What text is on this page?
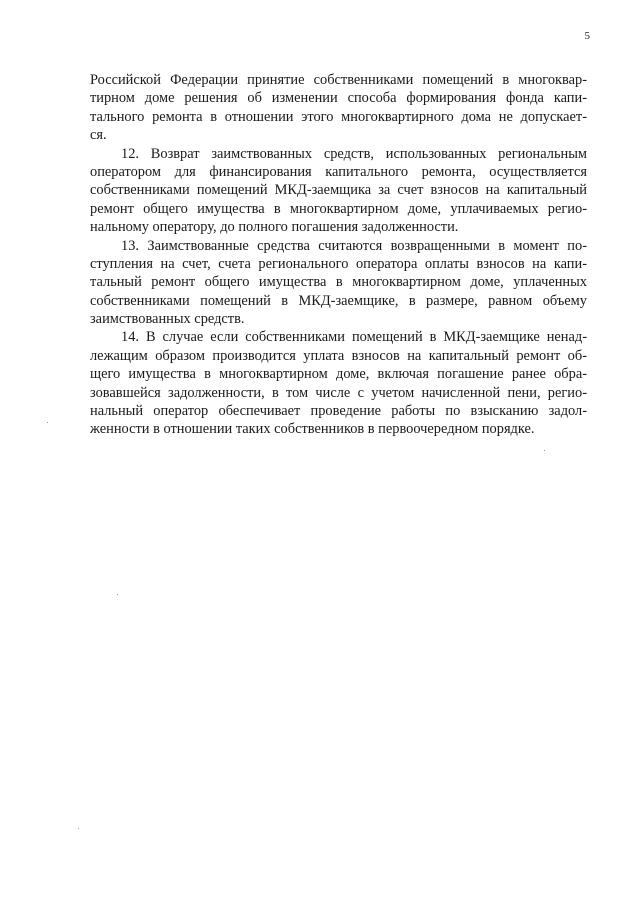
5
Российской Федерации принятие собственниками помещений в многоквар-
тирном доме решения об изменении способа формирования фонда капи-
тального ремонта в отношении этого многоквартирного дома не допускает-
ся.
12. Возврат заимствованных средств, использованных региональным
оператором для финансирования капитального ремонта, осуществляется
собственниками помещений МКД-заемщика за счет взносов на капитальный
ремонт общего имущества в многоквартирном доме, уплачиваемых регио-
нальному оператору, до полного погашения задолженности.
13. Заимствованные средства считаются возвращенными в момент по-
ступления на счет, счета регионального оператора оплаты взносов на капи-
тальный ремонт общего имущества в многоквартирном доме, уплаченных
собственниками помещений в МКД-заемщике, в размере, равном объему
заимствованных средств.
14. В случае если собственниками помещений в МКД-заемщике ненад-
лежащим образом производится уплата взносов на капитальный ремонт об-
щего имущества в многоквартирном доме, включая погашение ранее обра-
зовавшейся задолженности, в том числе с учетом начисленной пени, регио-
нальный оператор обеспечивает проведение работы по взысканию задол-
женности в отношении таких собственников в первоочередном порядке.
